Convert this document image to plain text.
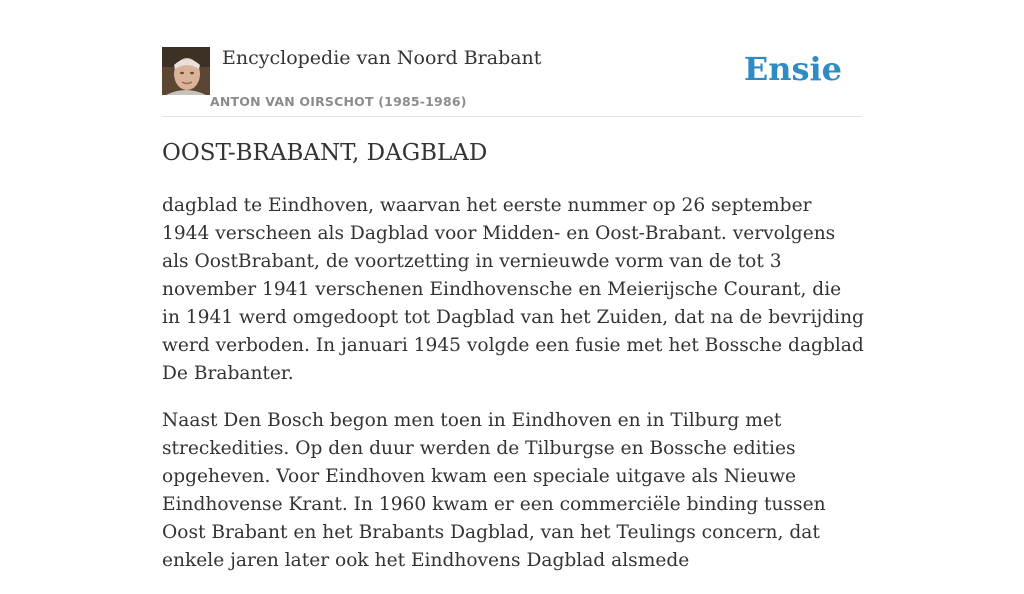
Encyclopedie van Noord Brabant
ANTON VAN OIRSCHOT (1985-1986)
Ensie
OOST-BRABANT, DAGBLAD

dagblad te Eindhoven, waarvan het eerste nummer op 26 september 1944 verscheen als Dagblad voor Midden- en Oost-Brabant. vervolgens als OostBrabant, de voortzetting in vernieuwde vorm van de tot 3 november 1941 verschenen Eindhovensche en Meierijsche Courant, die in 1941 werd omgedoopt tot Dagblad van het Zuiden, dat na de bevrijding werd verboden. In januari 1945 volgde een fusie met het Bossche dagblad De Brabanter.

Naast Den Bosch begon men toen in Eindhoven en in Tilburg met streckedities. Op den duur werden de Tilburgse en Bossche edities opgeheven. Voor Eindhoven kwam een speciale uitgave als Nieuwe Eindhovense Krant. In 1960 kwam er een commerciële binding tussen Oost Brabant en het Brabants Dagblad, van het Teulings concern, dat enkele jaren later ook het Eindhovens Dagblad alsmede
